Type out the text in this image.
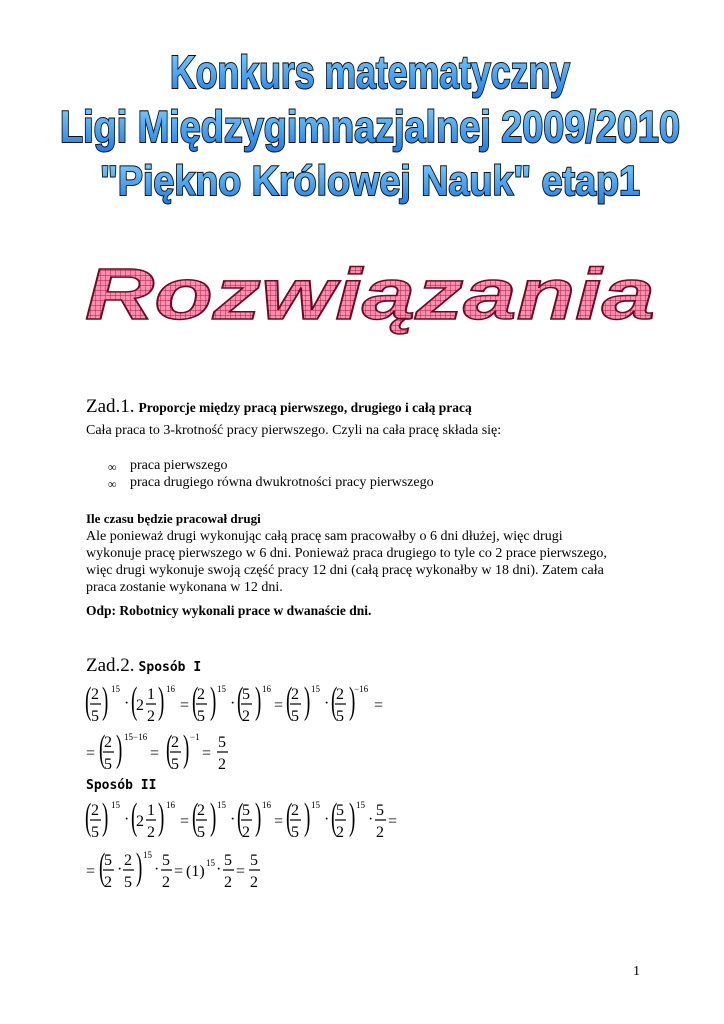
Konkurs matematyczny
Ligi Międzygimnazjalnej 2009/2010
"Piękno Królowej Nauk" etap1
Rozwiązania
Zad.1. Proporcje między pracą pierwszego, drugiego i całą pracą
Cała praca to 3-krotność pracy pierwszego. Czyli na cała pracę składa się:
∞ praca pierwszego
∞ praca drugiego równa dwukrotności pracy pierwszego
Ile czasu będzie pracował drugi
Ale ponieważ drugi wykonując całą pracę sam pracowałby o 6 dni dłużej, więc drugi
wykonuje pracę pierwszego w 6 dni. Ponieważ praca drugiego to tyle co 2 prace pierwszego,
więc drugi wykonuje swoją część pracy 12 dni (całą pracę wykonałby w 18 dni). Zatem cała
praca zostanie wykonana w 12 dni.
Odp: Robotnicy wykonali prace w dwanaście dni.
Zad.2. Sposób I
( 2
5 ) 15
· (
2
1
2 ) 16
= (
2
5 ) 15
· (
5
2 ) 16
= (
2
5 ) 15
· (
2
5 )
−16
=
= (
2
5 ) 15−16
= (
2
5 ) −1
=
5
2
Sposób II
( 2
5 ) 15
· (
2
1
2 ) 16
= (
2
5 ) 15
· (
5
2 ) 16
= (
2
5 ) 15
· (
5
2 ) 15
·
5
2
=
= (
5
2
·
2
5 ) 15
·
5
2
= (1) 15 ·
5
2
=
5
2
1
